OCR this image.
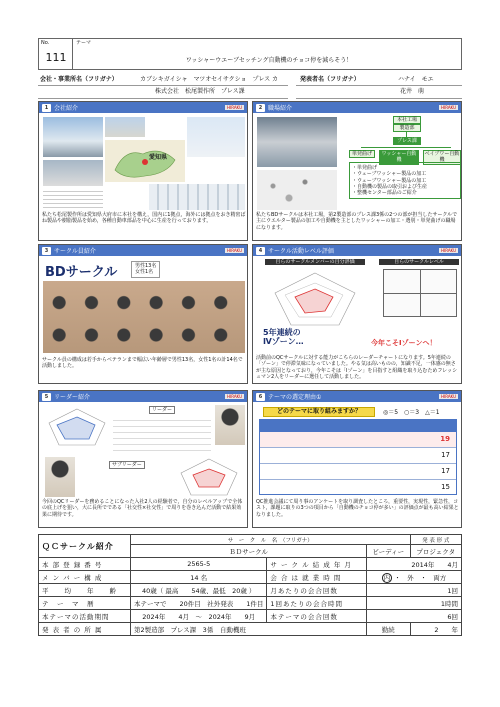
No.
111
テーマ
ワッシャーウエーブセッチング自動機のチョコ停を減らそう！
会社・事業所名（フリガナ）	カブシキガイシャ　マツオセイサクショ　プレス カ
株式会社　松尾製作所　プレス課
発表者名（フリガナ）	ハナイ　モエ
花井　萌
1 会社紹介	HIRAKU
愛知県
私たち松尾製作所は愛知県大府市に本社を構え，国内に1拠点，海外には拠点をおき精密ばね製品や樹脂製品を始め，各種自動車部品を中心に生産を行っております。
2 職場紹介	HIRAKU
本社工場
製造部
プレス課
単発曲げ	ワッシャー自動機
ベイプワー自動機
・単発曲げ
・ウェーブワッシャー製品の加工
・ウェーブワッシャー製品の加工
・自動機の製品の取引および生産
・整機センター部品のご紹介
私たちBDサークルは本社工場，第2製造部のプレス課3係の2つの部が担当したサークルで主にウエルター製品の加工や自動機を主としたワッシャーの加工・選別・単発曲げの職場になります。
3 サークル員紹介	HIRAKU
BDサークル	男性13名
女性1名
サークル員の構成は若手からベテランまで幅広い年齢層で男性13名，女性1名の計14名で活動しました。
4 サークル活動レベル評価	HIRAKU
自らのサークルメンバーの自分評価	自らのサークルレベル
5年連続の
Ⅳゾーン…	今年こそⅠゾーンへ！
活動前のQCサークルに対する能力がこちらのレーダーチャートになります。5年連続の「ゾーン」で停滞気味になっていました。やる気は高いものの，知識不足，一体感の無さが主な原因となっており，今年こそは「Ⅰゾーン」を目指すと組織を取り込むためフレッシュマン2人をリーダーに選任して活動しました。
5 リーダー紹介	HIRAKU
リーダー
サブリーダー
今回のQCリーダーを務めることになった入社2人の経験者で，自分のレベルアップで全体の底上げを狙い，大に長所でである「社交性×社交性」で周りを巻き込んだ活動で結果効果に期待です。
6 テーマの選定理由①	HIRAKU
どのテーマに取り組みますか？	◎＝5　○＝3　△＝1
19
17
17
15
QC推進会議にて周り事のアンケートを取り調査したところ，重要性，実現性，緊急性，コスト，課題に取りの3つの項目から「自動機のチョコ停が多い」の評価点が最も高い結果となりました。
ＱＣサークル紹介	サ　ー　ク　ル　名　（フリガナ）			発 表 形 式
	ＢＤサークル		ビーディー	プロジェクタ
本 部 登 録 番 号	2565-5	サ ー ク ル 結 成 年 月	2014年　　4月	
メ ン バ ー 構 成	14 名	会 合 は 就 業 時 間	内 ・　外　・　両方	
平　　均　　年　　齢	40歳（ 最高　　54歳、最低　20歳 ）	月あたりの会合回数	1回	
テ　ー　マ　暦	本テーマで　　20件目　社外発表　　1件目	1回あたりの会合時間	1時間	
本テーマの活動期間	2024年　　4月　～　2024年　　9月	本テーマの会合回数	6回	
発 表 者 の 所 属	第2製造部　プレス課　3係　自動機班		勤続	2　　年
